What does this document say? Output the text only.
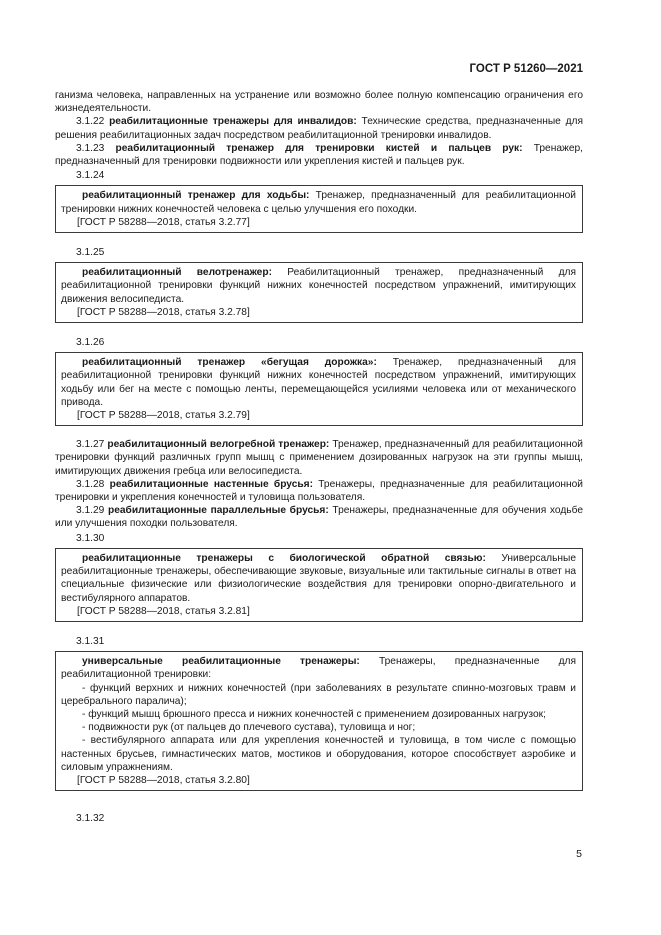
ГОСТ Р 51260—2021

ганизма человека, направленных на устранение или возможно более полную компенсацию ограничения его жизнедеятельности.

3.1.22 реабилитационные тренажеры для инвалидов: Технические средства, предназначенные для решения реабилитационных задач посредством реабилитационной тренировки инвалидов.

3.1.23 реабилитационный тренажер для тренировки кистей и пальцев рук: Тренажер, предназначенный для тренировки подвижности или укрепления кистей и пальцев рук.

3.1.24

реабилитационный тренажер для ходьбы: Тренажер, предназначенный для реабилитационной тренировки нижних конечностей человека с целью улучшения его походки.

[ГОСТ Р 58288—2018, статья 3.2.77]
3.1.25

реабилитационный велотренажер: Реабилитационный тренажер, предназначенный для реабилитационной тренировки функций нижних конечностей посредством упражнений, имитирующих движения велосипедиста.

[ГОСТ Р 58288—2018, статья 3.2.78]
3.1.26

реабилитационный тренажер «бегущая дорожка»: Тренажер, предназначенный для реабилитационной тренировки функций нижних конечностей посредством упражнений, имитирующих ходьбу или бег на месте с помощью ленты, перемещающейся усилиями человека или от механического привода.

[ГОСТ Р 58288—2018, статья 3.2.79]

3.1.27 реабилитационный велогребной тренажер: Тренажер, предназначенный для реабилитационной тренировки функций различных групп мышц с применением дозированных нагрузок на эти группы мышц, имитирующих движения гребца или велосипедиста.

3.1.28 реабилитационные настенные брусья: Тренажеры, предназначенные для реабилитационной тренировки и укрепления конечностей и туловища пользователя.

3.1.29 реабилитационные параллельные брусья: Тренажеры, предназначенные для обучения ходьбе или улучшения походки пользователя.

3.1.30

реабилитационные тренажеры с биологической обратной связью: Универсальные реабилитационные тренажеры, обеспечивающие звуковые, визуальные или тактильные сигналы в ответ на специальные физические или физиологические воздействия для тренировки опорно-двигательного и вестибулярного аппаратов.

[ГОСТ Р 58288—2018, статья 3.2.81]
3.1.31

универсальные реабилитационные тренажеры: Тренажеры, предназначенные для реабилитационной тренировки:

- функций верхних и нижних конечностей (при заболеваниях в результате спинно-мозговых травм и церебрального паралича);

- функций мышц брюшного пресса и нижних конечностей с применением дозированных нагрузок;

- подвижности рук (от пальцев до плечевого сустава), туловища и ног;

- вестибулярного аппарата или для укрепления конечностей и туловища, в том числе с помощью настенных брусьев, гимнастических матов, мостиков и оборудования, которое способствует аэробике и силовым упражнениям.

[ГОСТ Р 58288—2018, статья 3.2.80]
3.1.32
5
